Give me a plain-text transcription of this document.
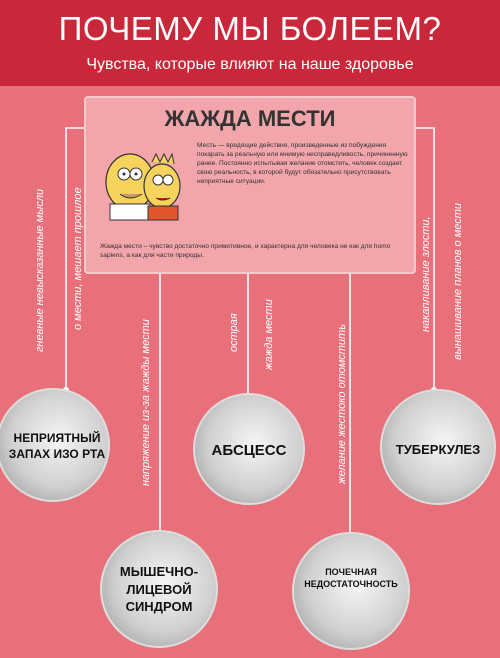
ПОЧЕМУ МЫ БОЛЕЕМ?
Чувства, которые влияют на наше здоровье
ЖАЖДА МЕСТИ
Месть — вредящие действия, произведенные из побуждения покарать за реальную или мнимую несправедливость, причиненную ранее. Постоянно испытывая желание отомстить, человек создает свою реальность, в которой будут обязательно присутствовать неприятные ситуации.
Жажда мести – чувство достаточно примитивное, и характерна для человека не как для homo sapiens, а как для части природы.
гневные невысказанные мысли о мести, мешает прошлое
напряжение из-за жажды мести	острая жажда мести	желание жестоко отомстить
накапливание злости, вынашивание планов о мести
НЕПРИЯТНЫЙ ЗАПАХ ИЗО РТА
МЫШЕЧНО- ЛИЦЕВОЙ СИНДРОМ
АБСЦЕСС
ПОЧЕЧНАЯ НЕДОСТАТОЧНОСТЬ
ТУБЕРКУЛЕЗ
